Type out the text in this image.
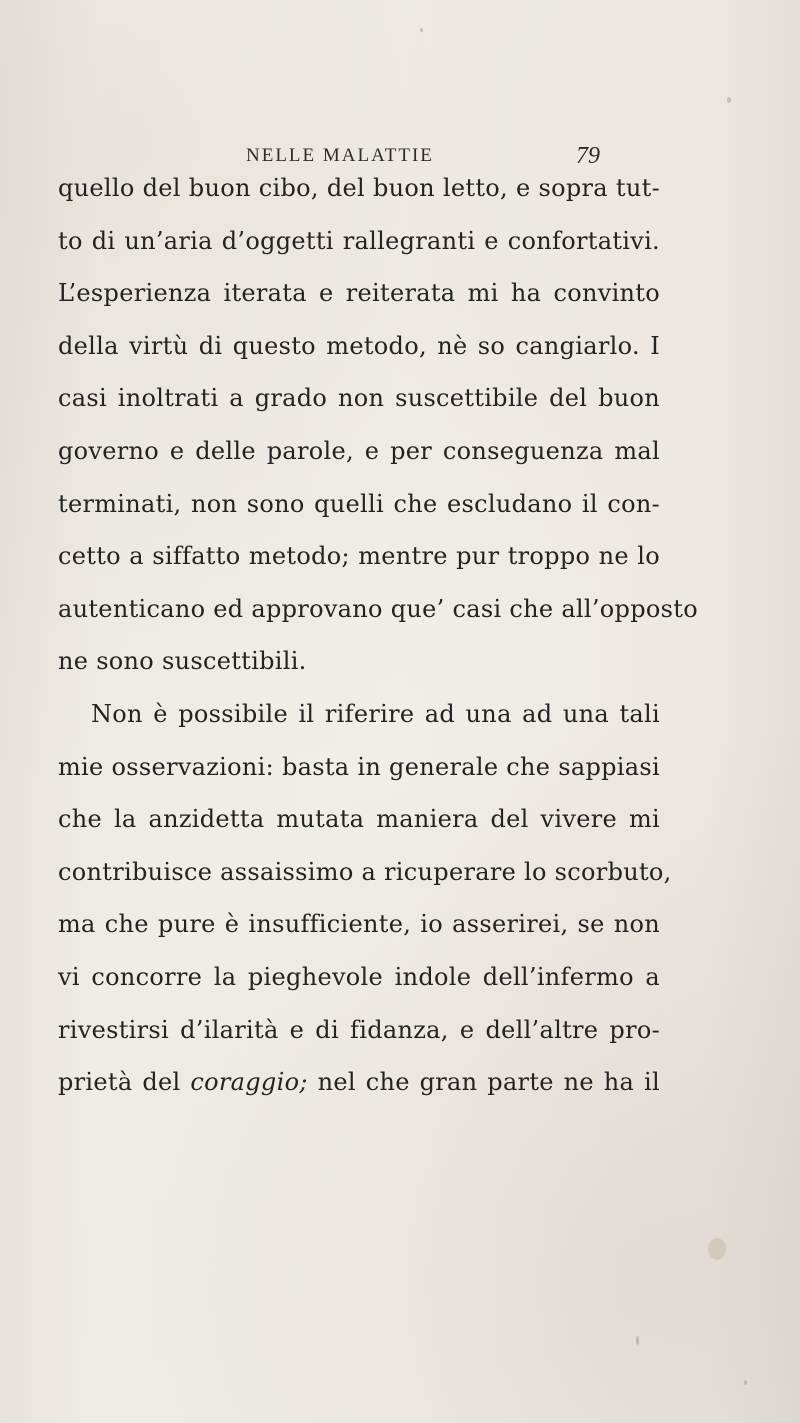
NELLE MALATTIE	79
quello del buon cibo, del buon letto, e sopra tut-
to di un’aria d’oggetti rallegranti e confortativi.
L’esperienza iterata e reiterata mi ha convinto
della virtù di questo metodo, nè so cangiarlo. I
casi inoltrati a grado non suscettibile del buon
governo e delle parole, e per conseguenza mal
terminati, non sono quelli che escludano il con-
cetto a siffatto metodo; mentre pur troppo ne lo
autenticano ed approvano que’ casi che all’opposto
ne sono suscettibili.
Non è possibile il riferire ad una ad una tali
mie osservazioni: basta in generale che sappiasi
che la anzidetta mutata maniera del vivere mi
contribuisce assaissimo a ricuperare lo scorbuto,
ma che pure è insufficiente, io asserirei, se non
vi concorre la pieghevole indole dell’infermo a
rivestirsi d’ilarità e di fidanza, e dell’altre pro-
prietà del coraggio; nel che gran parte ne ha il
